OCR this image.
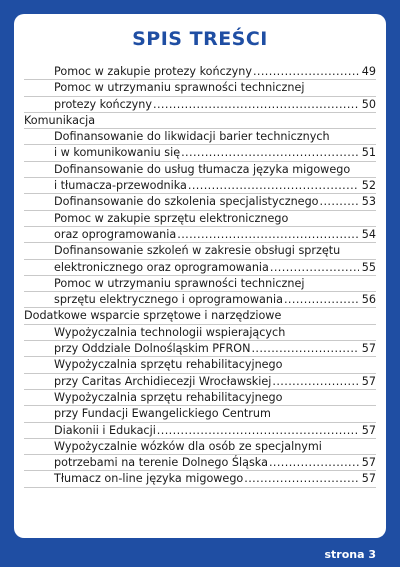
SPIS TREŚCI
Pomoc w zakupie protezy kończyny .....	49
Pomoc w utrzymaniu sprawności technicznej
protezy kończyny .....	50
Komunikacja
Dofinansowanie do likwidacji barier technicznych
i w komunikowaniu się .....	51
Dofinansowanie do usług tłumacza języka migowego
i tłumacza-przewodnika .....	52
Dofinansowanie do szkolenia specjalistycznego .....	53
Pomoc w zakupie sprzętu elektronicznego
oraz oprogramowania .....	54
Dofinansowanie szkoleń w zakresie obsługi sprzętu
elektronicznego oraz oprogramowania .....	55
Pomoc w utrzymaniu sprawności technicznej
sprzętu elektrycznego i oprogramowania .....	56
Dodatkowe wsparcie sprzętowe i narzędziowe
Wypożyczalnia technologii wspierających
przy Oddziale Dolnośląskim PFRON .....	57
Wypożyczalnia sprzętu rehabilitacyjnego
przy Caritas Archidiecezji Wrocławskiej .....	57
Wypożyczalnia sprzętu rehabilitacyjnego
przy Fundacji Ewangelickiego Centrum
Diakonii i Edukacji .....	57
Wypożyczalnie wózków dla osób ze specjalnymi
potrzebami na terenie Dolnego Śląska .....	57
Tłumacz on-line języka migowego .....	57
strona 3
